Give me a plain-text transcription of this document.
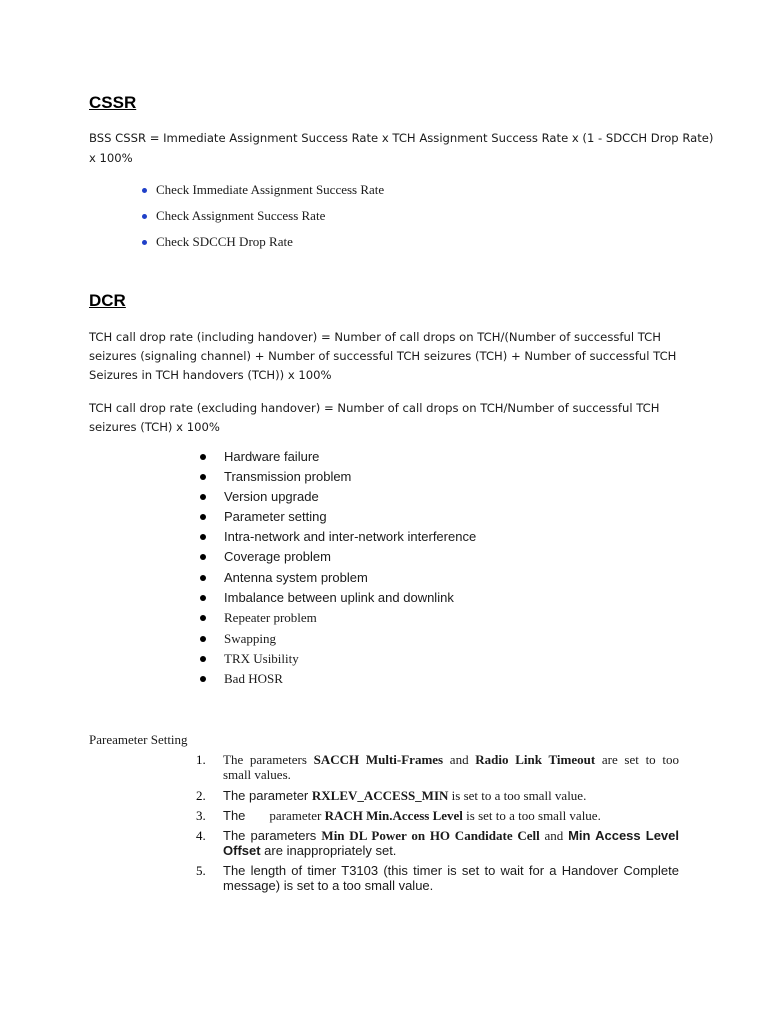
CSSR
BSS CSSR = Immediate Assignment Success Rate x TCH Assignment Success Rate x (1 - SDCCH Drop Rate)
x 100%
Check Immediate Assignment Success Rate
Check Assignment Success Rate
Check SDCCH Drop Rate
DCR
TCH call drop rate (including handover) = Number of call drops on TCH/(Number of successful TCH
seizures (signaling channel) + Number of successful TCH seizures (TCH) + Number of successful TCH
Seizures in TCH handovers (TCH)) x 100%
TCH call drop rate (excluding handover) = Number of call drops on TCH/Number of successful TCH
seizures (TCH) x 100%
Hardware failure
Transmission problem
Version upgrade
Parameter setting
Intra-network and inter-network interference
Coverage problem
Antenna system problem
Imbalance between uplink and downlink
Repeater problem
Swapping
TRX Usibility
Bad HOSR
Pareameter Setting
1. The parameters SACCH Multi-Frames and Radio Link Timeout are set to too
small values.
2. The parameter RXLEV_ACCESS_MIN is set to a too small value.
3. The parameter RACH Min.Access Level is set to a too small value.
4. The parameters Min DL Power on HO Candidate Cell and Min Access Level
Offset are inappropriately set.
5. The length of timer T3103 (this timer is set to wait for a Handover Complete
message) is set to a too small value.
